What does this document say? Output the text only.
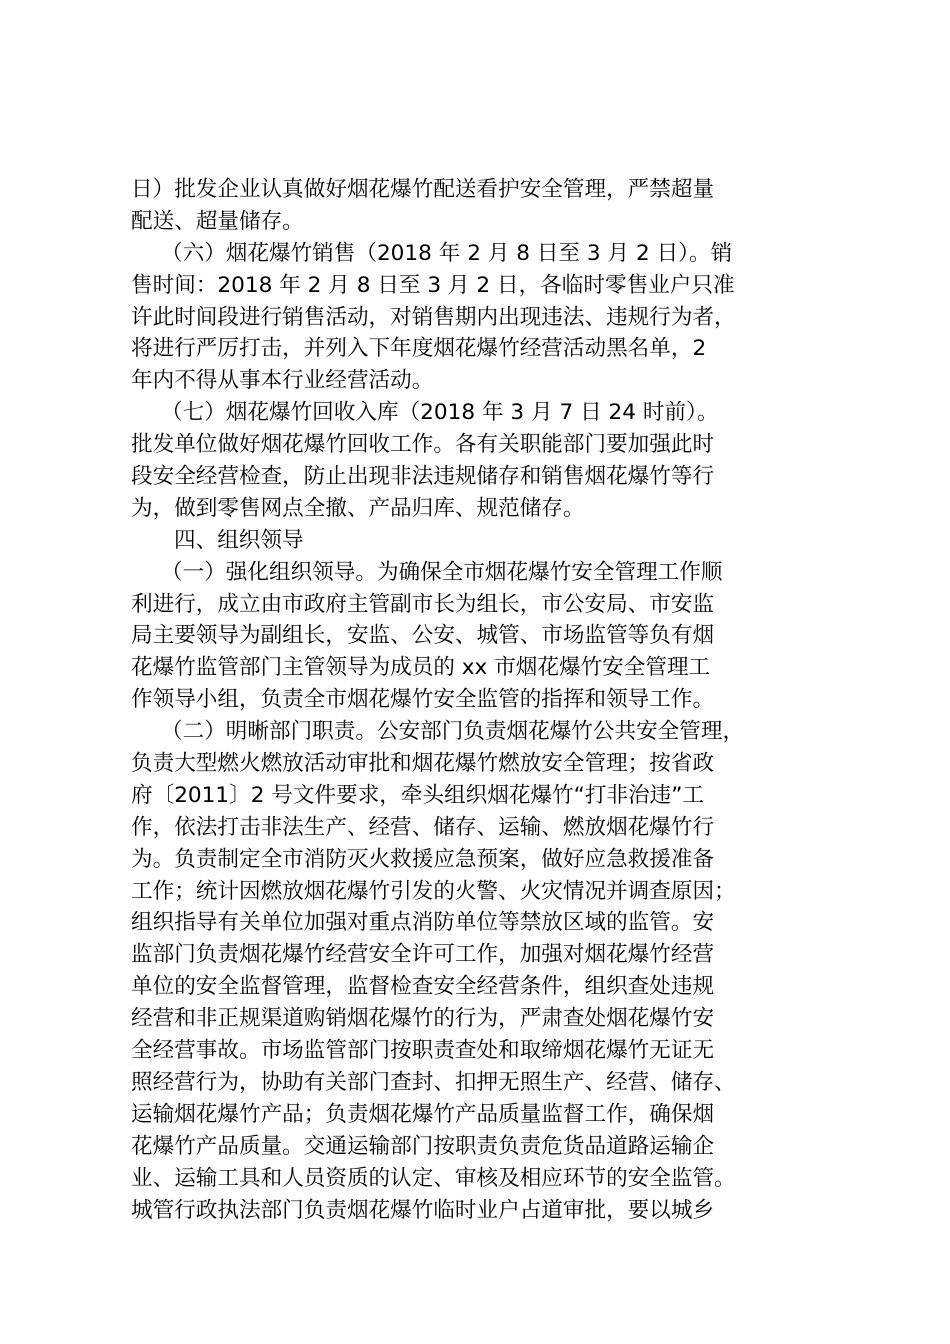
日）批发企业认真做好烟花爆竹配送看护安全管理，严禁超量
配送、超量储存。
（六）烟花爆竹销售（2018 年 2 月 8 日至 3 月 2 日）。销
售时间：2018 年 2 月 8 日至 3 月 2 日，各临时零售业户只准
许此时间段进行销售活动，对销售期内出现违法、违规行为者，
将进行严厉打击，并列入下年度烟花爆竹经营活动黑名单，2
年内不得从事本行业经营活动。
（七）烟花爆竹回收入库（2018 年 3 月 7 日 24 时前）。
批发单位做好烟花爆竹回收工作。各有关职能部门要加强此时
段安全经营检查，防止出现非法违规储存和销售烟花爆竹等行
为，做到零售网点全撤、产品归库、规范储存。
四、组织领导
（一）强化组织领导。为确保全市烟花爆竹安全管理工作顺
利进行，成立由市政府主管副市长为组长，市公安局、市安监
局主要领导为副组长，安监、公安、城管、市场监管等负有烟
花爆竹监管部门主管领导为成员的 xx 市烟花爆竹安全管理工
作领导小组，负责全市烟花爆竹安全监管的指挥和领导工作。
（二）明晰部门职责。公安部门负责烟花爆竹公共安全管理，
负责大型燃火燃放活动审批和烟花爆竹燃放安全管理；按省政
府〔2011〕2 号文件要求，牵头组织烟花爆竹“打非治违”工
作，依法打击非法生产、经营、储存、运输、燃放烟花爆竹行
为。负责制定全市消防灭火救援应急预案，做好应急救援准备
工作；统计因燃放烟花爆竹引发的火警、火灾情况并调查原因；
组织指导有关单位加强对重点消防单位等禁放区域的监管。安
监部门负责烟花爆竹经营安全许可工作，加强对烟花爆竹经营
单位的安全监督管理，监督检查安全经营条件，组织查处违规
经营和非正规渠道购销烟花爆竹的行为，严肃查处烟花爆竹安
全经营事故。市场监管部门按职责查处和取缔烟花爆竹无证无
照经营行为，协助有关部门查封、扣押无照生产、经营、储存、
运输烟花爆竹产品；负责烟花爆竹产品质量监督工作，确保烟
花爆竹产品质量。交通运输部门按职责负责危货品道路运输企
业、运输工具和人员资质的认定、审核及相应环节的安全监管。
城管行政执法部门负责烟花爆竹临时业户占道审批，要以城乡
